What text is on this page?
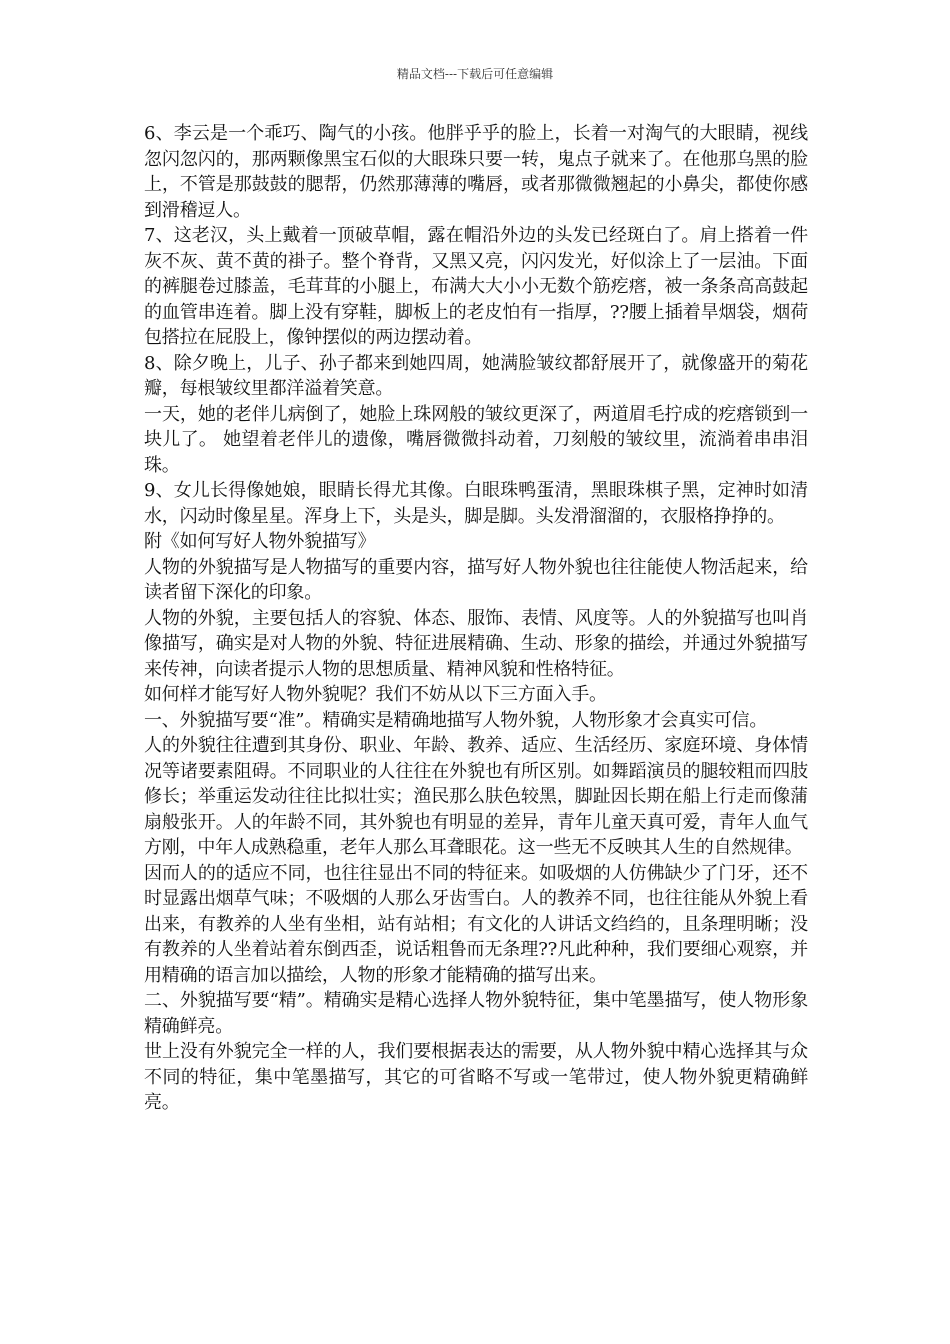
精品文档---下载后可任意编辑

6、李云是一个乖巧、陶气的小孩。他胖乎乎的脸上，长着一对淘气的大眼睛，视线忽闪忽闪的，那两颗像黑宝石似的大眼珠只要一转，鬼点子就来了。在他那乌黑的脸上，不管是那鼓鼓的腮帮，仍然那薄薄的嘴唇，或者那微微翘起的小鼻尖，都使你感到滑稽逗人。

7、这老汉，头上戴着一顶破草帽，露在帽沿外边的头发已经斑白了。肩上搭着一件灰不灰、黄不黄的褂子。整个脊背，又黑又亮，闪闪发光，好似涂上了一层油。下面的裤腿卷过膝盖，毛茸茸的小腿上，布满大大小小无数个筋疙瘩，被一条条高高鼓起的血管串连着。脚上没有穿鞋，脚板上的老皮怕有一指厚，??腰上插着旱烟袋，烟荷包搭拉在屁股上，像钟摆似的两边摆动着。

8、除夕晚上，儿子、孙子都来到她四周，她满脸皱纹都舒展开了，就像盛开的菊花瓣，每根皱纹里都洋溢着笑意。

一天，她的老伴儿病倒了，她脸上珠网般的皱纹更深了，两道眉毛拧成的疙瘩锁到一块儿了。 她望着老伴儿的遗像，嘴唇微微抖动着，刀刻般的皱纹里，流淌着串串泪珠。

9、女儿长得像她娘，眼睛长得尤其像。白眼珠鸭蛋清，黑眼珠棋子黑，定神时如清水，闪动时像星星。浑身上下，头是头，脚是脚。头发滑溜溜的，衣服格挣挣的。

附《如何写好人物外貌描写》

人物的外貌描写是人物描写的重要内容，描写好人物外貌也往往能使人物活起来，给读者留下深化的印象。

人物的外貌，主要包括人的容貌、体态、服饰、表情、风度等。人的外貌描写也叫肖像描写，确实是对人物的外貌、特征进展精确、生动、形象的描绘，并通过外貌描写来传神，向读者提示人物的思想质量、精神风貌和性格特征。

如何样才能写好人物外貌呢？我们不妨从以下三方面入手。

一、外貌描写要“准”。精确实是精确地描写人物外貌，人物形象才会真实可信。

人的外貌往往遭到其身份、职业、年龄、教养、适应、生活经历、家庭环境、身体情况等诸要素阻碍。不同职业的人往往在外貌也有所区别。如舞蹈演员的腿较粗而四肢修长；举重运发动往往比拟壮实；渔民那么肤色较黑，脚趾因长期在船上行走而像蒲扇般张开。人的年龄不同，其外貌也有明显的差异，青年儿童天真可爱，青年人血气方刚，中年人成熟稳重，老年人那么耳聋眼花。这一些无不反映其人生的自然规律。

因而人的的适应不同，也往往显出不同的特征来。如吸烟的人仿佛缺少了门牙，还不时显露出烟草气味；不吸烟的人那么牙齿雪白。人的教养不同，也往往能从外貌上看出来，有教养的人坐有坐相，站有站相；有文化的人讲话文绉绉的，且条理明晰；没有教养的人坐着站着东倒西歪，说话粗鲁而无条理??凡此种种，我们要细心观察，并用精确的语言加以描绘，人物的形象才能精确的描写出来。

二、外貌描写要“精”。精确实是精心选择人物外貌特征，集中笔墨描写，使人物形象精确鲜亮。

世上没有外貌完全一样的人，我们要根据表达的需要，从人物外貌中精心选择其与众不同的特征，集中笔墨描写，其它的可省略不写或一笔带过，使人物外貌更精确鲜亮。
